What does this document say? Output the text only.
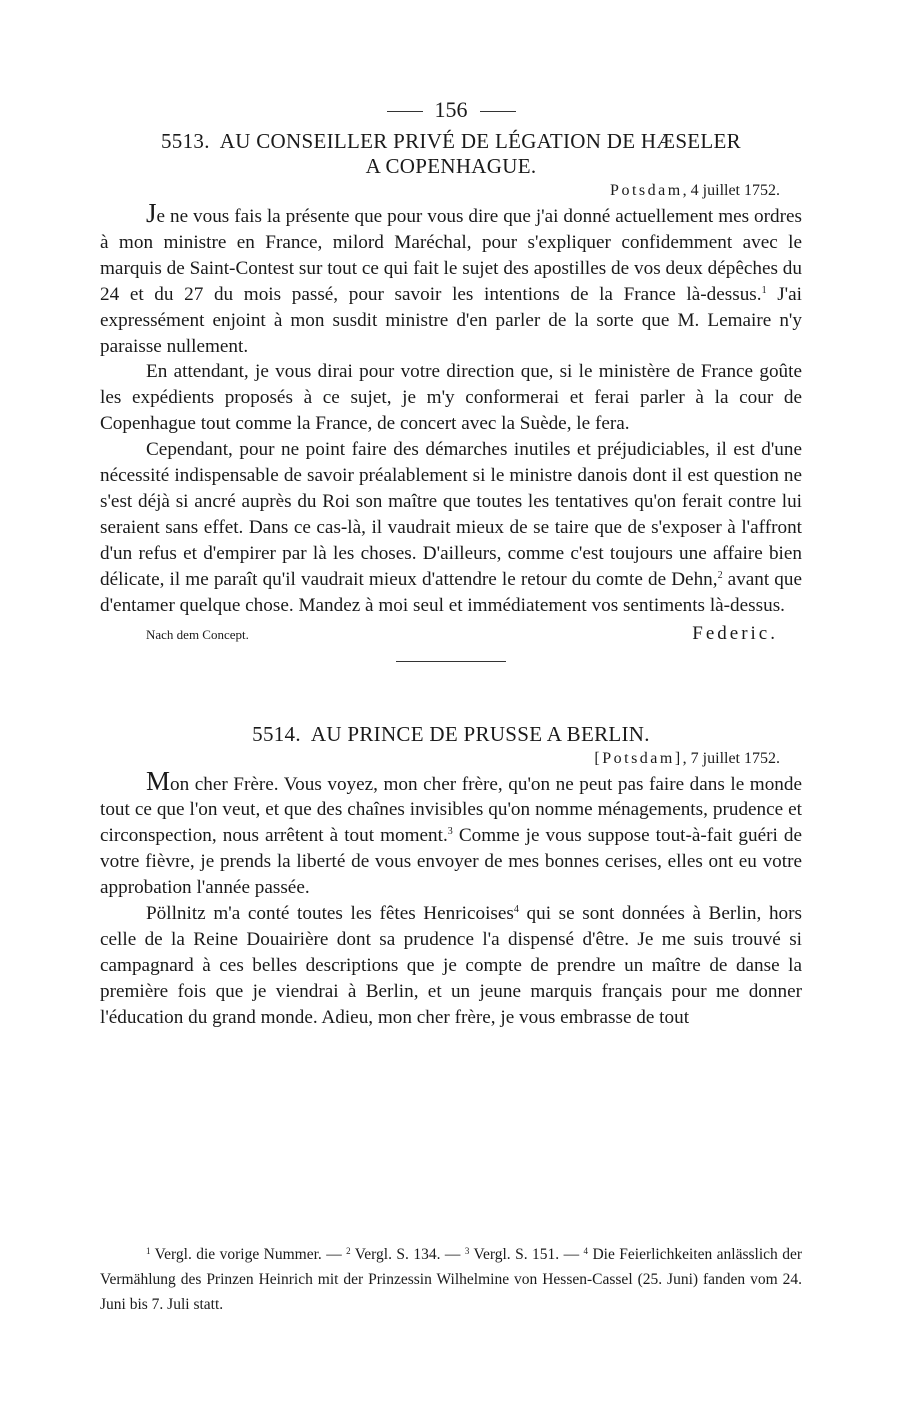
156
5513. AU CONSEILLER PRIVÉ DE LÉGATION DE HÆSELER
A COPENHAGUE.
Potsdam, 4 juillet 1752.

Je ne vous fais la présente que pour vous dire que j'ai donné actuellement mes ordres à mon ministre en France, milord Maréchal, pour s'expliquer confidemment avec le marquis de Saint-Contest sur tout ce qui fait le sujet des apostilles de vos deux dépêches du 24 et du 27 du mois passé, pour savoir les intentions de la France là-dessus.$^1$ J'ai expressément enjoint à mon susdit ministre d'en parler de la sorte que M. Lemaire n'y paraisse nullement.

En attendant, je vous dirai pour votre direction que, si le ministère de France goûte les expédients proposés à ce sujet, je m'y conformerai et ferai parler à la cour de Copenhague tout comme la France, de concert avec la Suède, le fera.

Cependant, pour ne point faire des démarches inutiles et préjudiciables, il est d'une nécessité indispensable de savoir préalablement si le ministre danois dont il est question ne s'est déjà si ancré auprès du Roi son maître que toutes les tentatives qu'on ferait contre lui seraient sans effet. Dans ce cas-là, il vaudrait mieux de se taire que de s'exposer à l'affront d'un refus et d'empirer par là les choses. D'ailleurs, comme c'est toujours une affaire bien délicate, il me paraît qu'il vaudrait mieux d'attendre le retour du comte de Dehn,$^2$ avant que d'entamer quelque chose. Mandez à moi seul et immédiatement vos sentiments là-dessus.

Nach dem Concept.	Federic.
5514. AU PRINCE DE PRUSSE A BERLIN.
[Potsdam], 7 juillet 1752.

Mon cher Frère. Vous voyez, mon cher frère, qu'on ne peut pas faire dans le monde tout ce que l'on veut, et que des chaînes invisibles qu'on nomme ménagements, prudence et circonspection, nous arrêtent à tout moment.$^3$ Comme je vous suppose tout-à-fait guéri de votre fièvre, je prends la liberté de vous envoyer de mes bonnes cerises, elles ont eu votre approbation l'année passée.

Pöllnitz m'a conté toutes les fêtes Henricoises$^4$ qui se sont données à Berlin, hors celle de la Reine Douairière dont sa prudence l'a dispensé d'être. Je me suis trouvé si campagnard à ces belles descriptions que je compte de prendre un maître de danse la première fois que je viendrai à Berlin, et un jeune marquis français pour me donner l'éducation du grand monde. Adieu, mon cher frère, je vous embrasse de tout

$^1$ Vergl. die vorige Nummer. — $^2$ Vergl. S. 134. — $^3$ Vergl. S. 151. — $^4$ Die Feierlichkeiten anlässlich der Vermählung des Prinzen Heinrich mit der Prinzessin Wilhelmine von Hessen-Cassel (25. Juni) fanden vom 24. Juni bis 7. Juli statt.
